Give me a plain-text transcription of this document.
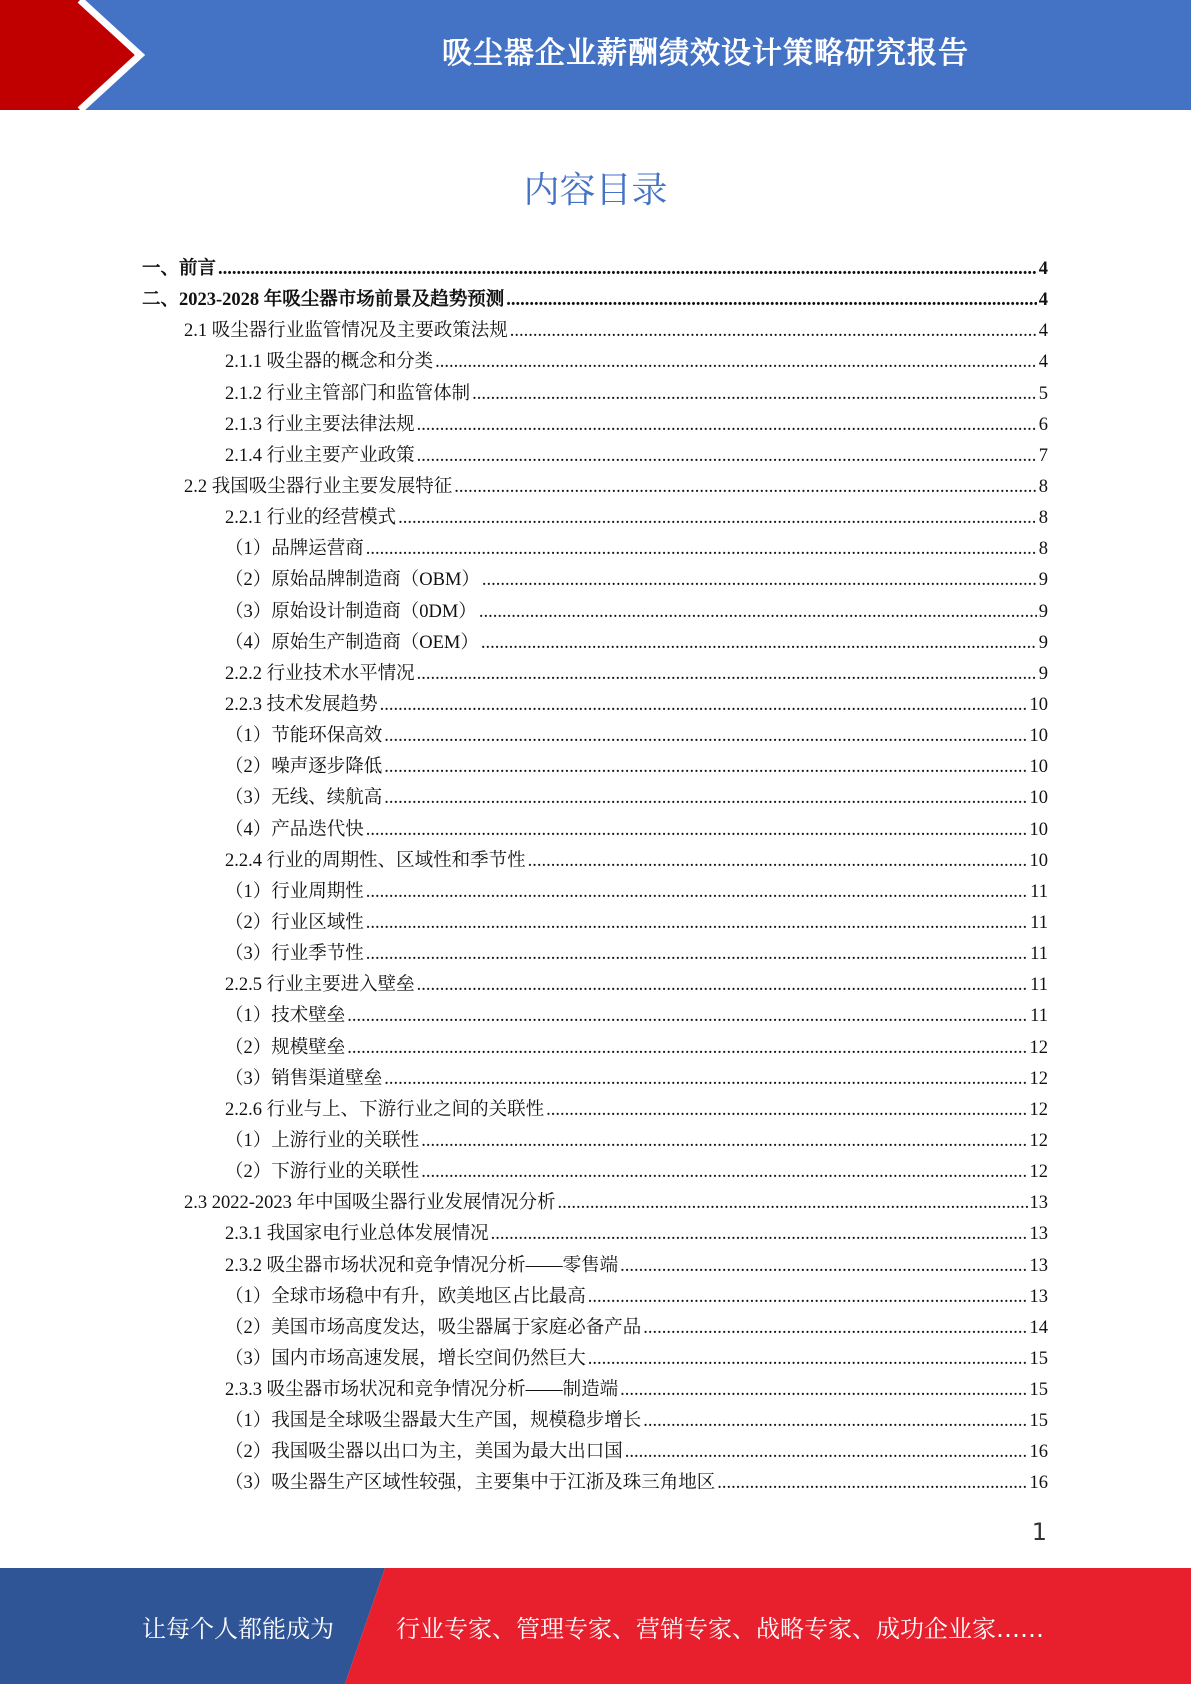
吸尘器企业薪酬绩效设计策略研究报告
内容目录
一、前言 .....	4
二、2023-2028 年吸尘器市场前景及趋势预测 .....	4
2.1 吸尘器行业监管情况及主要政策法规 .....	4
2.1.1 吸尘器的概念和分类 .....	4
2.1.2 行业主管部门和监管体制 .....	5
2.1.3 行业主要法律法规 .....	6
2.1.4 行业主要产业政策 .....	7
2.2 我国吸尘器行业主要发展特征 .....	8
2.2.1 行业的经营模式 .....	8
（1）品牌运营商 .....	8
（2）原始品牌制造商（OBM） .....	9
（3）原始设计制造商（0DM） .....	9
（4）原始生产制造商（OEM） .....	9
2.2.2 行业技术水平情况 .....	9
2.2.3 技术发展趋势 .....	10
（1）节能环保高效 .....	10
（2）噪声逐步降低 .....	10
（3）无线、续航高 .....	10
（4）产品迭代快 .....	10
2.2.4 行业的周期性、区域性和季节性 .....	10
（1）行业周期性 .....	11
（2）行业区域性 .....	11
（3）行业季节性 .....	11
2.2.5 行业主要进入壁垒 .....	11
（1）技术壁垒 .....	11
（2）规模壁垒 .....	12
（3）销售渠道壁垒 .....	12
2.2.6 行业与上、下游行业之间的关联性 .....	12
（1）上游行业的关联性 .....	12
（2）下游行业的关联性 .....	12
2.3 2022-2023 年中国吸尘器行业发展情况分析 .....	13
2.3.1 我国家电行业总体发展情况 .....	13
2.3.2 吸尘器市场状况和竞争情况分析——零售端 .....	13
（1）全球市场稳中有升，欧美地区占比最高 .....	13
（2）美国市场高度发达，吸尘器属于家庭必备产品 .....	14
（3）国内市场高速发展，增长空间仍然巨大 .....	15
2.3.3 吸尘器市场状况和竞争情况分析——制造端 .....	15
（1）我国是全球吸尘器最大生产国，规模稳步增长 .....	15
（2）我国吸尘器以出口为主，美国为最大出口国 .....	16
（3）吸尘器生产区域性较强，主要集中于江浙及珠三角地区 .....	16
1
让每个人都能成为	行业专家、管理专家、营销专家、战略专家、成功企业家……
